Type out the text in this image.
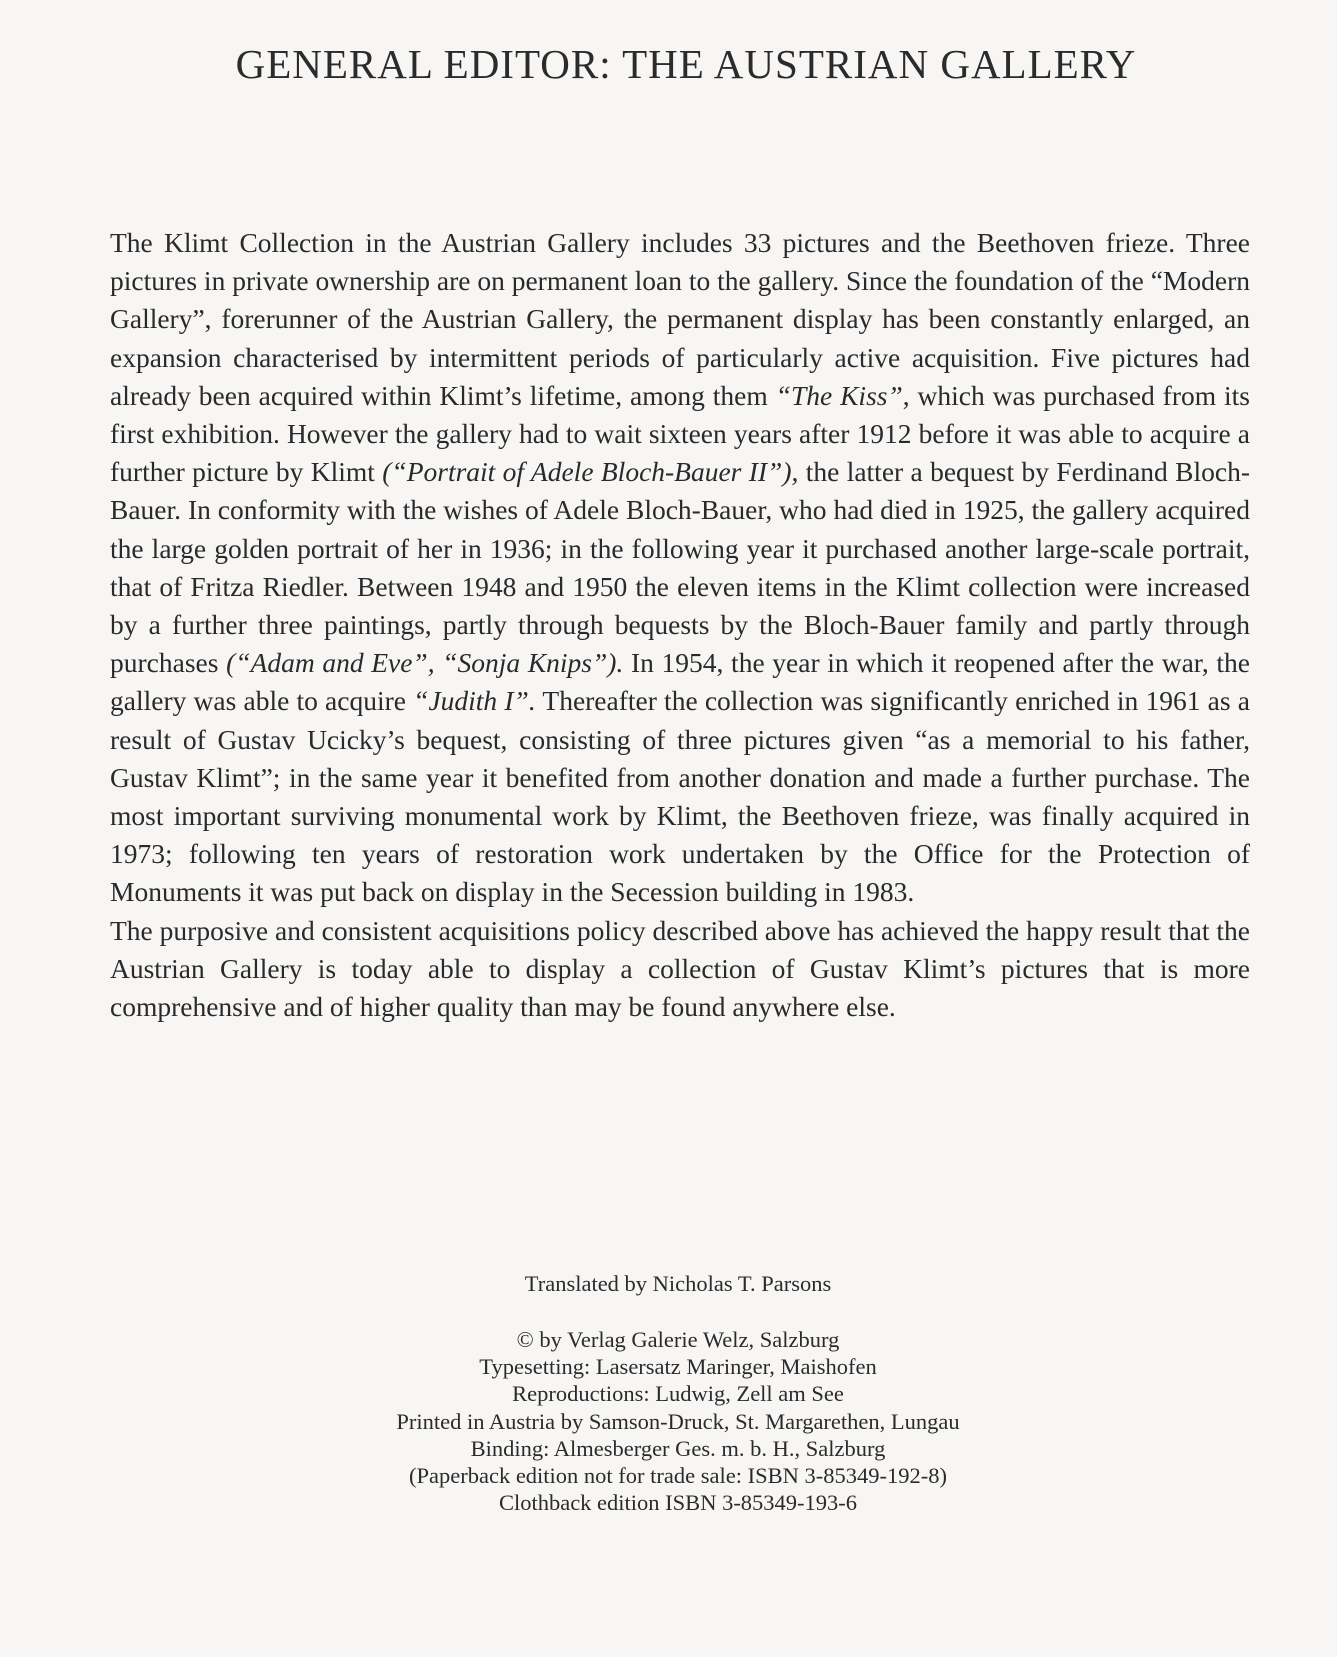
GENERAL EDITOR: THE AUSTRIAN GALLERY

The Klimt Collection in the Austrian Gallery includes 33 pictures and the Beethoven frieze. Three pictures in private ownership are on permanent loan to the gallery. Since the foundation of the “Modern Gallery”, forerunner of the Austrian Gallery, the permanent display has been constantly enlarged, an expansion characterised by intermittent periods of particularly active acquisition. Five pictures had already been acquired within Klimt’s lifetime, among them “The Kiss”, which was purchased from its first exhibition. However the gallery had to wait sixteen years after 1912 before it was able to acquire a further picture by Klimt (“Portrait of Adele Bloch-Bauer II”), the latter a bequest by Ferdinand Bloch-Bauer. In conformity with the wishes of Adele Bloch-Bauer, who had died in 1925, the gallery acquired the large golden portrait of her in 1936; in the following year it purchased another large-scale portrait, that of Fritza Riedler. Between 1948 and 1950 the eleven items in the Klimt collection were increased by a further three paintings, partly through bequests by the Bloch-Bauer family and partly through purchases (“Adam and Eve”, “Sonja Knips”). In 1954, the year in which it reopened after the war, the gallery was able to acquire “Judith I”. Thereafter the collection was significantly enriched in 1961 as a result of Gustav Ucicky’s bequest, consisting of three pictures given “as a memorial to his father, Gustav Klimt”; in the same year it benefited from another donation and made a further purchase. The most important surviving monumental work by Klimt, the Beethoven frieze, was finally acquired in 1973; following ten years of restoration work undertaken by the Office for the Protection of Monuments it was put back on display in the Secession building in 1983.

The purposive and consistent acquisitions policy described above has achieved the happy result that the Austrian Gallery is today able to display a collection of Gustav Klimt’s pictures that is more comprehensive and of higher quality than may be found anywhere else.

Translated by Nicholas T. Parsons

© by Verlag Galerie Welz, Salzburg
Typesetting: Lasersatz Maringer, Maishofen
Reproductions: Ludwig, Zell am See
Printed in Austria by Samson-Druck, St. Margarethen, Lungau
Binding: Almesberger Ges. m. b. H., Salzburg
(Paperback edition not for trade sale: ISBN 3-85349-192-8)
Clothback edition ISBN 3-85349-193-6
